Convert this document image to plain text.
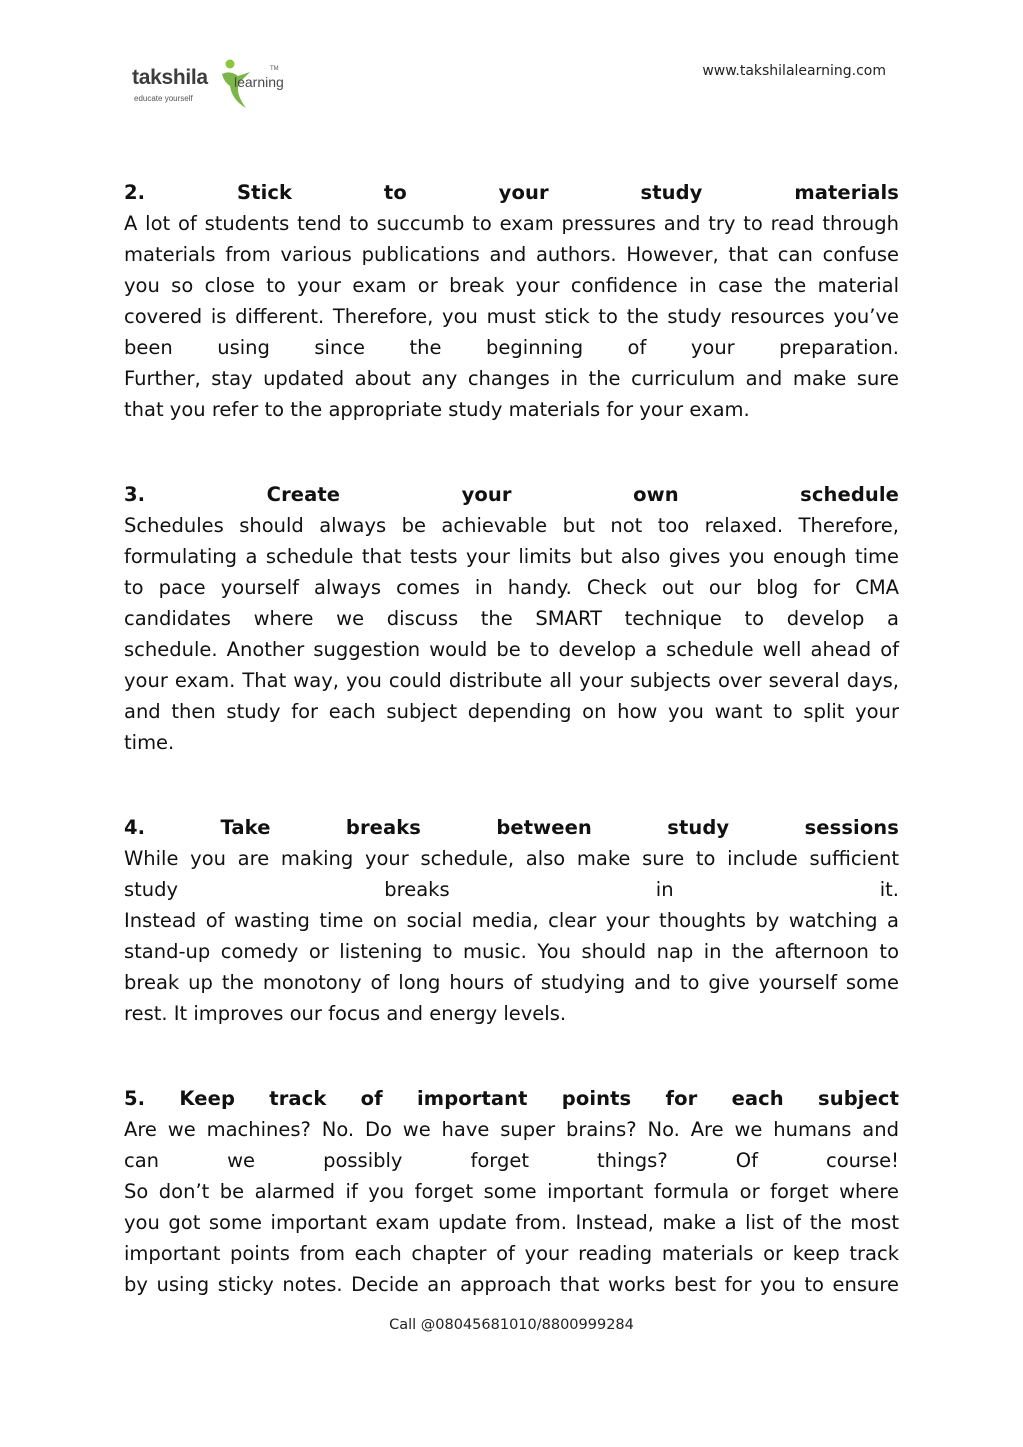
takshila learning
TM
educate yourself
www.takshilalearning.com
2. Stick to your study materials
A lot of students tend to succumb to exam pressures and try to read through
materials from various publications and authors. However, that can confuse
you so close to your exam or break your confidence in case the material
covered is different. Therefore, you must stick to the study resources you’ve
been using since the beginning of your preparation.
Further, stay updated about any changes in the curriculum and make sure
that you refer to the appropriate study materials for your exam.
3. Create your own schedule
Schedules should always be achievable but not too relaxed. Therefore,
formulating a schedule that tests your limits but also gives you enough time
to pace yourself always comes in handy. Check out our blog for CMA
candidates where we discuss the SMART technique to develop a
schedule. Another suggestion would be to develop a schedule well ahead of
your exam. That way, you could distribute all your subjects over several days,
and then study for each subject depending on how you want to split your
time.
4. Take breaks between study sessions
While you are making your schedule, also make sure to include sufficient
study breaks in it.
Instead of wasting time on social media, clear your thoughts by watching a
stand-up comedy or listening to music. You should nap in the afternoon to
break up the monotony of long hours of studying and to give yourself some
rest. It improves our focus and energy levels.
5. Keep track of important points for each subject
Are we machines? No. Do we have super brains? No. Are we humans and
can we possibly forget things? Of course!
So don’t be alarmed if you forget some important formula or forget where
you got some important exam update from. Instead, make a list of the most
important points from each chapter of your reading materials or keep track
by using sticky notes. Decide an approach that works best for you to ensure
Call @08045681010/8800999284
